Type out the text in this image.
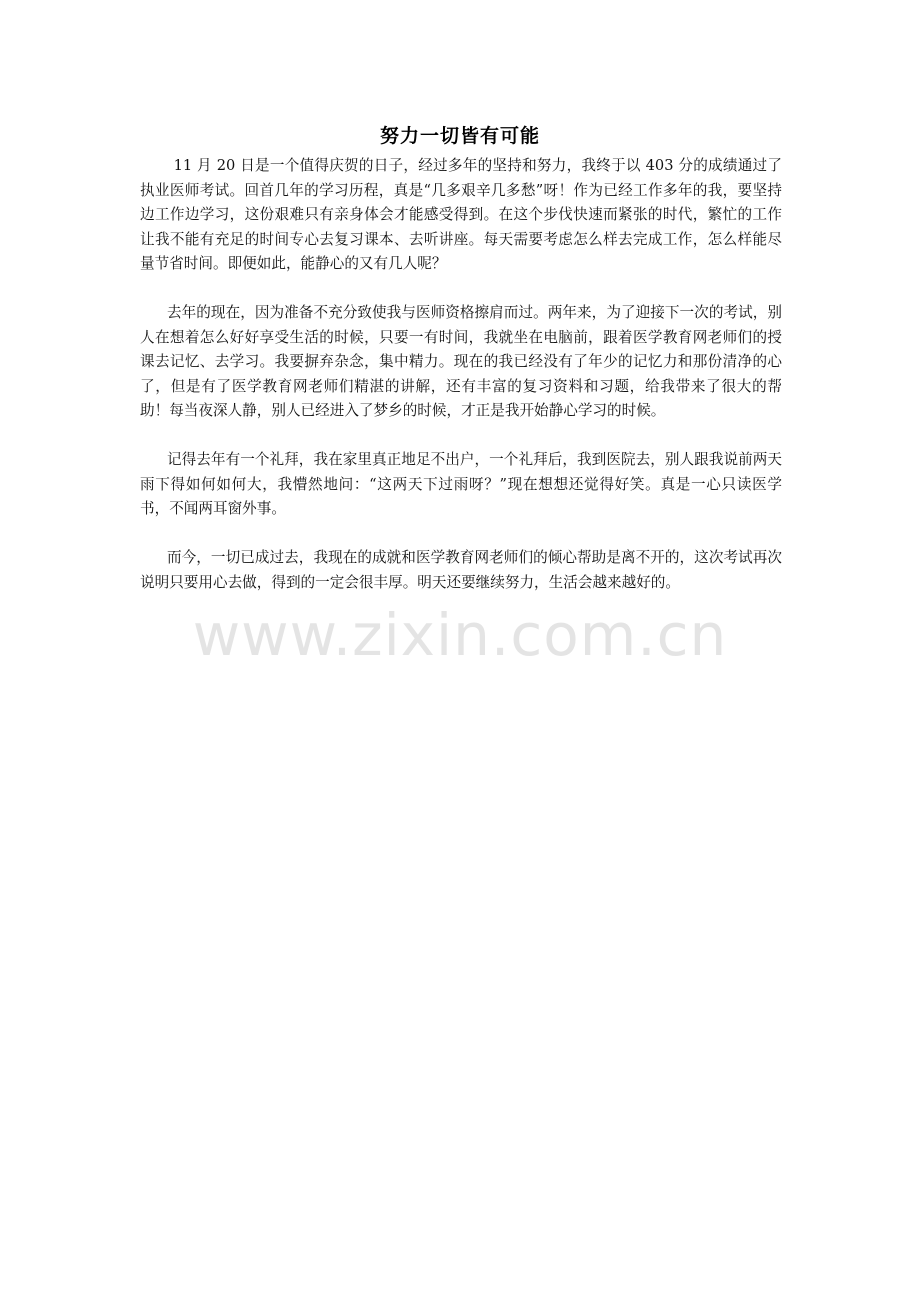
努力一切皆有可能

11 月 20 日是一个值得庆贺的日子，经过多年的坚持和努力，我终于以 403 分的成绩通过了执业医师考试。回首几年的学习历程，真是“几多艰辛几多愁”呀！作为已经工作多年的我，要坚持边工作边学习，这份艰难只有亲身体会才能感受得到。在这个步伐快速而紧张的时代，繁忙的工作让我不能有充足的时间专心去复习课本、去听讲座。每天需要考虑怎么样去完成工作，怎么样能尽量节省时间。即便如此，能静心的又有几人呢？

去年的现在，因为准备不充分致使我与医师资格擦肩而过。两年来，为了迎接下一次的考试，别人在想着怎么好好享受生活的时候，只要一有时间，我就坐在电脑前，跟着医学教育网老师们的授课去记忆、去学习。我要摒弃杂念，集中精力。现在的我已经没有了年少的记忆力和那份清净的心了，但是有了医学教育网老师们精湛的讲解，还有丰富的复习资料和习题，给我带来了很大的帮助！每当夜深人静，别人已经进入了梦乡的时候，才正是我开始静心学习的时候。

记得去年有一个礼拜，我在家里真正地足不出户，一个礼拜后，我到医院去，别人跟我说前两天雨下得如何如何大，我懵然地问：“这两天下过雨呀？”现在想想还觉得好笑。真是一心只读医学书，不闻两耳窗外事。

而今，一切已成过去，我现在的成就和医学教育网老师们的倾心帮助是离不开的，这次考试再次说明只要用心去做，得到的一定会很丰厚。明天还要继续努力，生活会越来越好的。

www.zixin.com.cn
